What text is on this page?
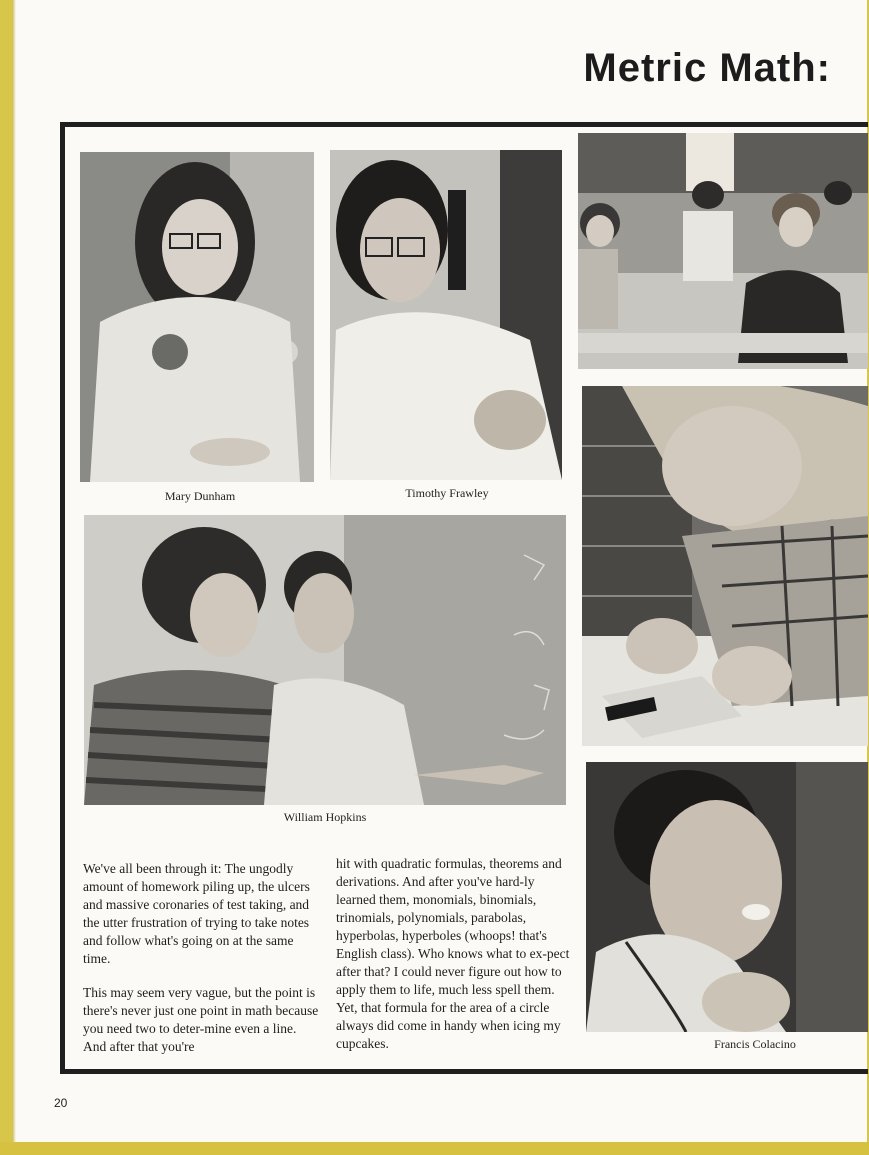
Metric Math:
Mary Dunham	Timothy Frawley
William Hopkins
Francis Colacino

We've all been through it: The ungodly amount of homework piling up, the ulcers and massive coronaries of test taking, and the utter frustration of trying to take notes and follow what's going on at the same time.

This may seem very vague, but the point is there's never just one point in math because you need two to deter-mine even a line. And after that you're

hit with quadratic formulas, theorems and derivations. And after you've hard-ly learned them, monomials, binomials, trinomials, polynomials, parabolas, hyperbolas, hyperboles (whoops! that's English class). Who knows what to ex-pect after that? I could never figure out how to apply them to life, much less spell them. Yet, that formula for the area of a circle always did come in handy when icing my cupcakes.

20
